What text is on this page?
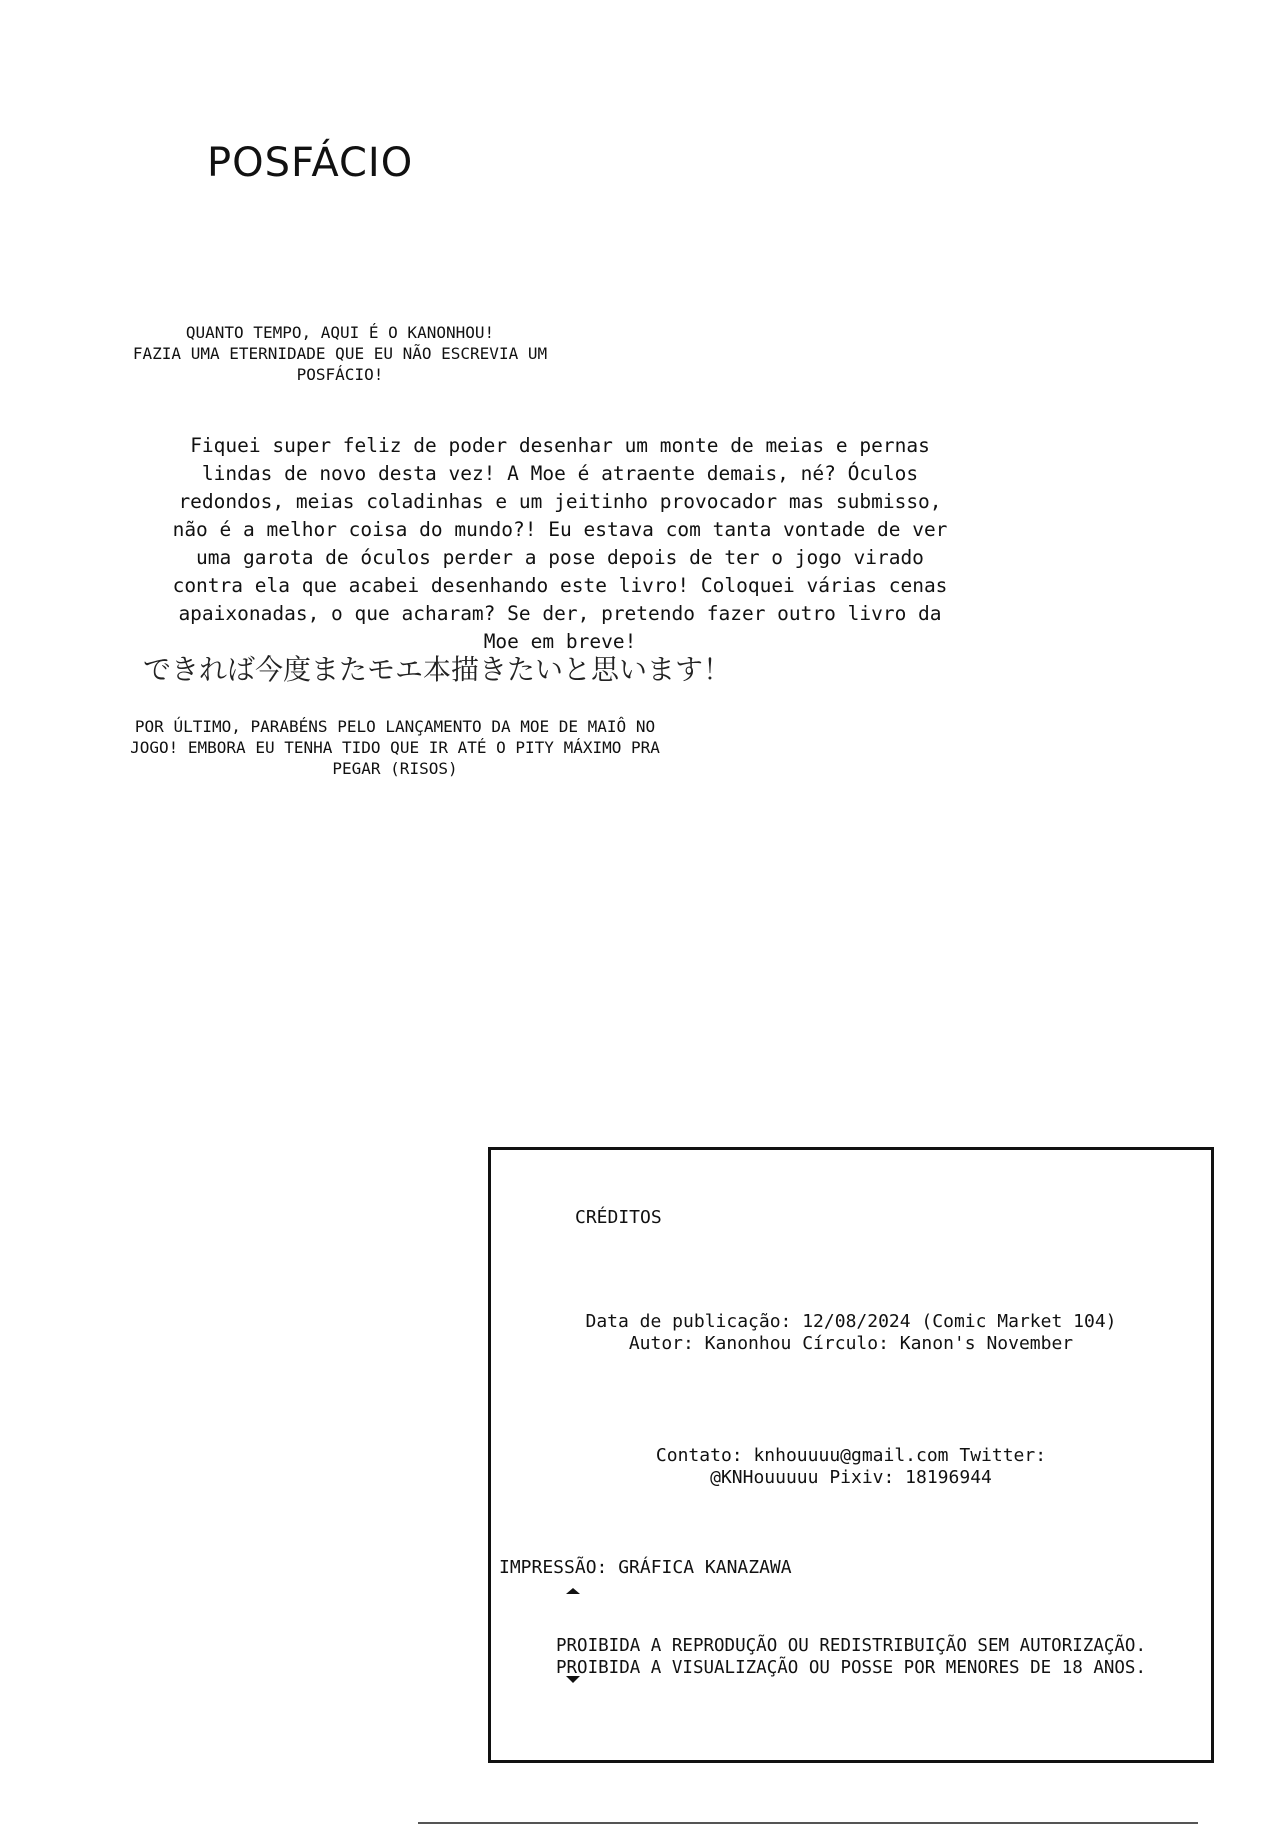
POSFÁCIO
QUANTO TEMPO, AQUI É O KANONHOU!
FAZIA UMA ETERNIDADE QUE EU NÃO ESCREVIA UM
POSFÁCIO!
Fiquei super feliz de poder desenhar um monte de meias e pernas
lindas de novo desta vez! A Moe é atraente demais, né? Óculos
redondos, meias coladinhas e um jeitinho provocador mas submisso,
não é a melhor coisa do mundo?! Eu estava com tanta vontade de ver
uma garota de óculos perder a pose depois de ter o jogo virado
contra ela que acabei desenhando este livro! Coloquei várias cenas
apaixonadas, o que acharam? Se der, pretendo fazer outro livro da
Moe em breve!

できれば今度またモエ本描きたいと思います！

POR ÚLTIMO, PARABÉNS PELO LANÇAMENTO DA MOE DE MAIÔ NO
JOGO! EMBORA EU TENHA TIDO QUE IR ATÉ O PITY MÁXIMO PRA
PEGAR (RISOS)

CRÉDITOS

Data de publicação: 12/08/2024 (Comic Market 104)

Autor: Kanonhou Círculo: Kanon's November

Contato: knhouuuu@gmail.com Twitter:

@KNHouuuuu Pixiv: 18196944

IMPRESSÃO: GRÁFICA KANAZAWA

PROIBIDA A REPRODUÇÃO OU REDISTRIBUIÇÃO SEM AUTORIZAÇÃO.

PROIBIDA A VISUALIZAÇÃO OU POSSE POR MENORES DE 18 ANOS.
